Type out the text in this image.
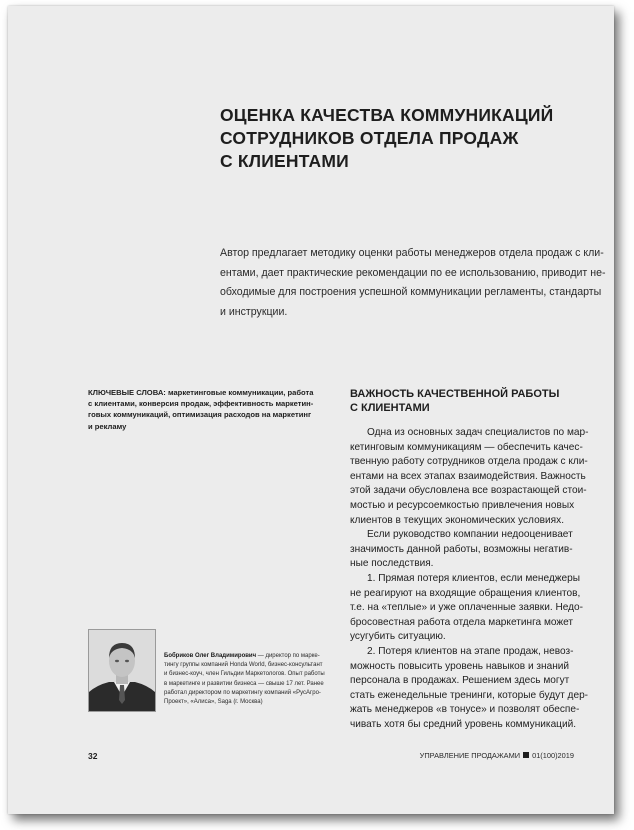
ОЦЕНКА КАЧЕСТВА КОММУНИКАЦИЙ
СОТРУДНИКОВ ОТДЕЛА ПРОДАЖ
С КЛИЕНТАМИ
Автор предлагает методику оценки работы менеджеров отдела продаж с кли-
ентами, дает практические рекомендации по ее использованию, приводит не-
обходимые для построения успешной коммуникации регламенты, стандарты
и инструкции.
КЛЮЧЕВЫЕ СЛОВА: маркетинговые коммуникации, работа
с клиентами, конверсия продаж, эффективность маркетин-
говых коммуникаций, оптимизация расходов на маркетинг
и рекламу
ВАЖНОСТЬ КАЧЕСТВЕННОЙ РАБОТЫ
С КЛИЕНТАМИ
Одна из основных задач специалистов по мар-
кетинговым коммуникациям — обеспечить качес-
твенную работу сотрудников отдела продаж с кли-
ентами на всех этапах взаимодействия. Важность
этой задачи обусловлена все возрастающей стои-
мостью и ресурсоемкостью привлечения новых
клиентов в текущих экономических условиях.
Если руководство компании недооценивает
значимость данной работы, возможны негатив-
ные последствия.
1. Прямая потеря клиентов, если менеджеры
не реагируют на входящие обращения клиентов,
т.е. на «теплые» и уже оплаченные заявки. Недо-
бросовестная работа отдела маркетинга может
усугубить ситуацию.
2. Потеря клиентов на этапе продаж, невоз-
можность повысить уровень навыков и знаний
персонала в продажах. Решением здесь могут
стать еженедельные тренинги, которые будут дер-
жать менеджеров «в тонусе» и позволят обеспе-
чивать хотя бы средний уровень коммуникаций.
Бобриков Олег Владимирович — директор по марке-
тингу группы компаний Honda World, бизнес-консультант
и бизнес-коуч, член Гильдии Маркетологов. Опыт работы
в маркетинге и развитии бизнеса — свыше 17 лет. Ранее
работал директором по маркетингу компаний «РусАгро-
Проект», «Алиса», Saga (г. Москва)
32	УПРАВЛЕНИЕ ПРОДАЖАМИ 01(100)2019
